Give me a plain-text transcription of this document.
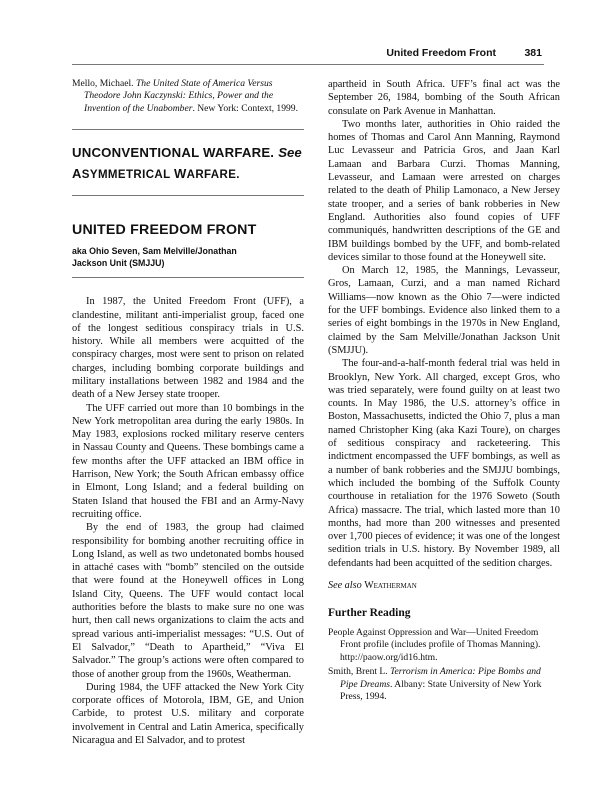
United Freedom Front	381

Mello, Michael. The United State of America Versus Theodore John Kaczynski: Ethics, Power and the Invention of the Unabomber. New York: Context, 1999.

UNCONVENTIONAL WARFARE. See

ASYMMETRICAL WARFARE.

UNITED FREEDOM FRONT

aka Ohio Seven, Sam Melville/Jonathan Jackson Unit (SMJJU)

In 1987, the United Freedom Front (UFF), a clandestine, militant anti-imperialist group, faced one of the longest seditious conspiracy trials in U.S. history. While all members were acquitted of the conspiracy charges, most were sent to prison on related charges, including bombing corporate buildings and military installations between 1982 and 1984 and the death of a New Jersey state trooper.

The UFF carried out more than 10 bombings in the New York metropolitan area during the early 1980s. In May 1983, explosions rocked military reserve centers in Nassau County and Queens. These bombings came a few months after the UFF attacked an IBM office in Harrison, New York; the South African embassy office in Elmont, Long Island; and a federal building on Staten Island that housed the FBI and an Army-Navy recruiting office.

By the end of 1983, the group had claimed responsibility for bombing another recruiting office in Long Island, as well as two undetonated bombs housed in attaché cases with “bomb” stenciled on the outside that were found at the Honeywell offices in Long Island City, Queens. The UFF would contact local authorities before the blasts to make sure no one was hurt, then call news organizations to claim the acts and spread various anti-imperialist messages: “U.S. Out of El Salvador,” “Death to Apartheid,” “Viva El Salvador.” The group’s actions were often compared to those of another group from the 1960s, Weatherman.

During 1984, the UFF attacked the New York City corporate offices of Motorola, IBM, GE, and Union Carbide, to protest U.S. military and corporate involvement in Central and Latin America, specifically Nicaragua and El Salvador, and to protest

apartheid in South Africa. UFF’s final act was the September 26, 1984, bombing of the South African consulate on Park Avenue in Manhattan.

Two months later, authorities in Ohio raided the homes of Thomas and Carol Ann Manning, Raymond Luc Levasseur and Patricia Gros, and Jaan Karl Lamaan and Barbara Curzi. Thomas Manning, Levasseur, and Lamaan were arrested on charges related to the death of Philip Lamonaco, a New Jersey state trooper, and a series of bank robberies in New England. Authorities also found copies of UFF communiqués, handwritten descriptions of the GE and IBM buildings bombed by the UFF, and bomb-related devices similar to those found at the Honeywell site.

On March 12, 1985, the Mannings, Levasseur, Gros, Lamaan, Curzi, and a man named Richard Williams—now known as the Ohio 7—were indicted for the UFF bombings. Evidence also linked them to a series of eight bombings in the 1970s in New England, claimed by the Sam Melville/Jonathan Jackson Unit (SMJJU).

The four-and-a-half-month federal trial was held in Brooklyn, New York. All charged, except Gros, who was tried separately, were found guilty on at least two counts. In May 1986, the U.S. attorney’s office in Boston, Massachusetts, indicted the Ohio 7, plus a man named Christopher King (aka Kazi Toure), on charges of seditious conspiracy and racketeering. This indictment encompassed the UFF bombings, as well as a number of bank robberies and the SMJJU bombings, which included the bombing of the Suffolk County courthouse in retaliation for the 1976 Soweto (South Africa) massacre. The trial, which lasted more than 10 months, had more than 200 witnesses and presented over 1,700 pieces of evidence; it was one of the longest sedition trials in U.S. history. By November 1989, all defendants had been acquitted of the sedition charges.

See also Weatherman

Further Reading

People Against Oppression and War—United Freedom Front profile (includes profile of Thomas Manning). http://paow.org/id16.htm.

Smith, Brent L. Terrorism in America: Pipe Bombs and Pipe Dreams. Albany: State University of New York Press, 1994.
